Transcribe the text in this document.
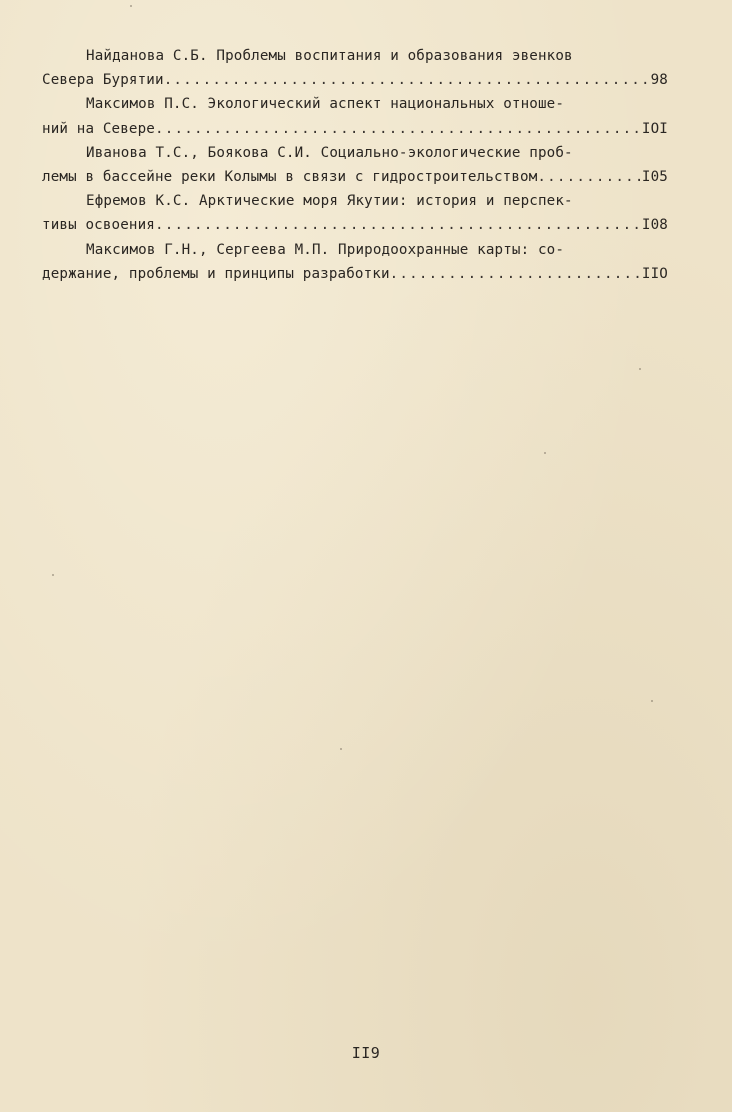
Найданова С.Б. Проблемы воспитания и образования эвенков
Севера Бурятии .....	98
Максимов П.С. Экологический аспект национальных отноше-
ний на Севере .....	IOI
Иванова Т.С., Боякова С.И. Социально-экологические проб-
лемы в бассейне реки Колымы в связи с гидростроительством .....	I05
Ефремов К.С. Арктические моря Якутии: история и перспек-
тивы освоения .....	I08
Максимов Г.Н., Сергеева М.П. Природоохранные карты: со-
держание, проблемы и принципы разработки .....	IIO
II9
